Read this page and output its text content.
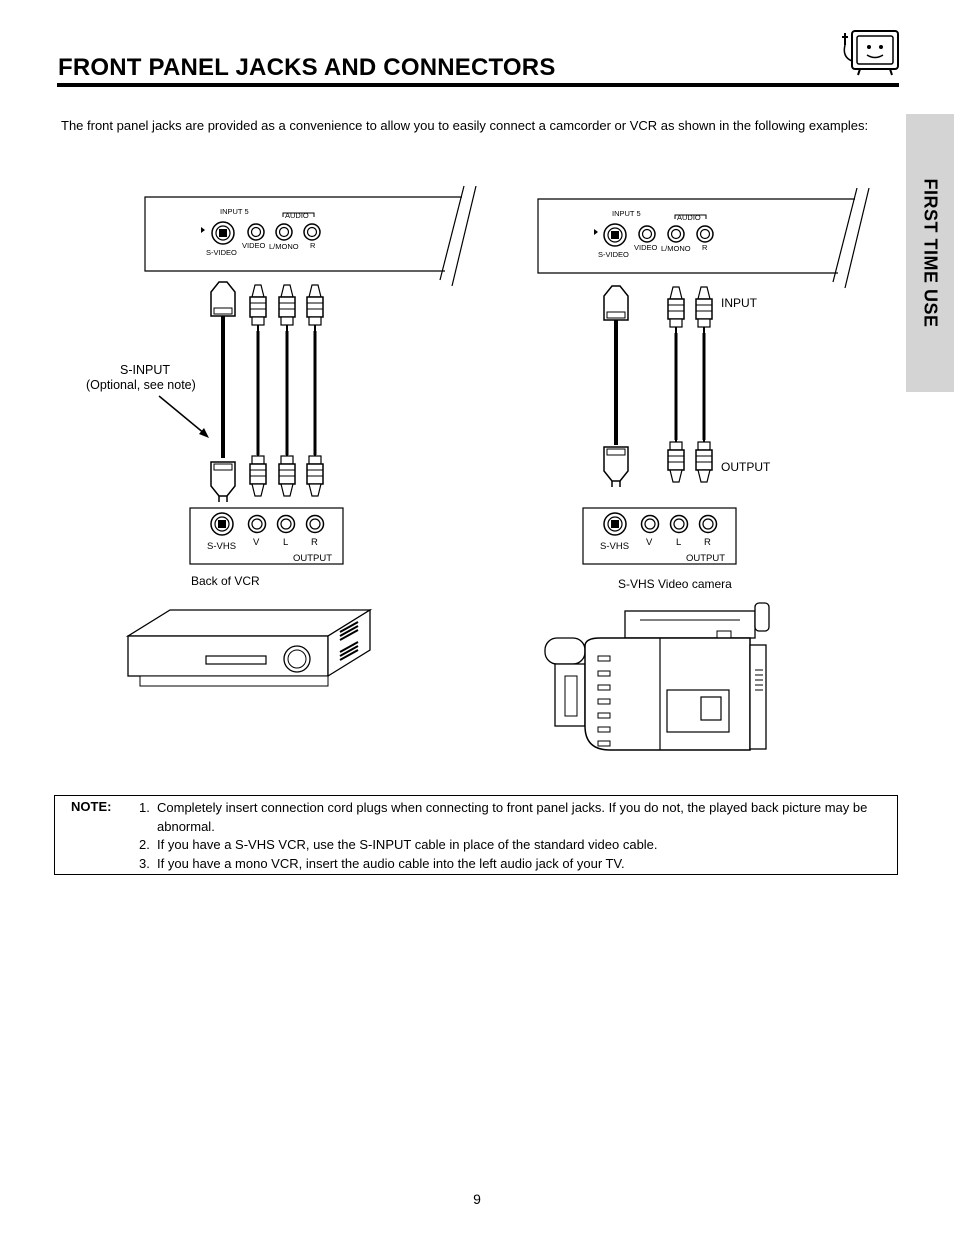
FRONT PANEL JACKS AND CONNECTORS
FIRST TIME USE
The front panel jacks are provided as a convenience to allow you to easily connect a camcorder or VCR as shown in the following examples:
INPUT 5	AUDIO
S-VIDEO
VIDEO L/MONO R
S-INPUT
(Optional, see note)
S-VHS V L R
OUTPUT
Back of VCR
INPUT 5	AUDIO
S-VIDEO
VIDEO L/MONO R
INPUT
OUTPUT
S-VHS V L R
OUTPUT
S-VHS Video camera
NOTE: 1. Completely insert connection cord plugs when connecting to front panel jacks. If you do not, the played back picture may be abnormal.
2. If you have a S-VHS VCR, use the S-INPUT cable in place of the standard video cable.
3. If you have a mono VCR, insert the audio cable into the left audio jack of your TV.
9
